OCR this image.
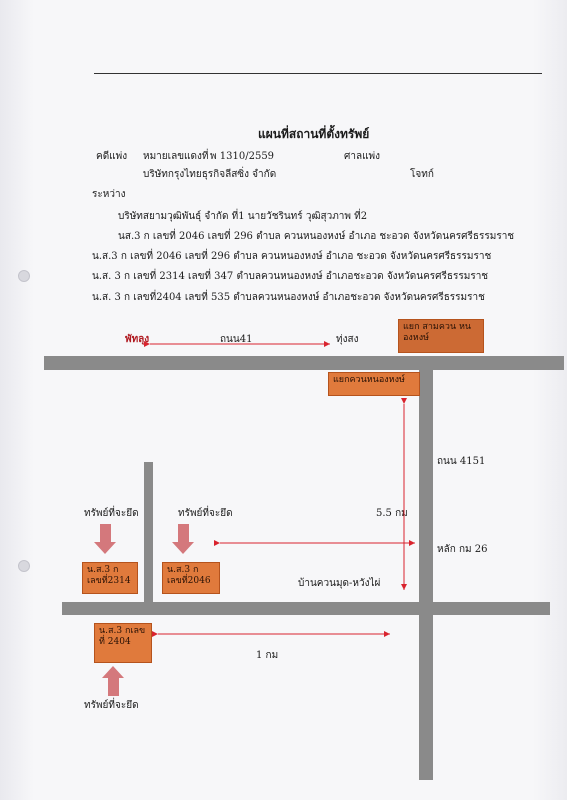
แผนที่สถานที่ตั้งทรัพย์
คดีแพ่ง หมายเลขแดงที่ พ 1310/2559	ศาลแพ่ง
บริษัทกรุงไทยธุรกิจลีสซิ่ง จำกัด	โจทก์
ระหว่าง
บริษัทสยามวุฒิพันธุ์ จำกัด ที่1 นายวัชรินทร์ วุฒิสุวภาพ ที่2
นส.3 ก เลขที่ 2046 เลขที่ 296 ตำบล ควนหนองหงษ์ อำเภอ ชะอวด จังหวัดนครศรีธรรมราช
น.ส.3 ก เลขที่ 2046 เลขที่ 296 ตำบล ควนหนองหงษ์ อำเภอ ชะอวด จังหวัดนครศรีธรรมราช
น.ส. 3 ก เลขที่ 2314 เลขที่ 347 ตำบลควนหนองหงษ์ อำเภอชะอวด จังหวัดนครศรีธรรมราช
น.ส. 3 ก เลขที่2404 เลขที่ 535 ตำบลควนหนองหงษ์ อำเภอชะอวด จังหวัดนครศรีธรรมราช
พัทลุง	ถนน41	ทุ่งสง
แยก สามควน หนองหงษ์
แยกควนหนองหงษ์
ถนน 4151
5.5 กม
หลัก กม 26
ทรัพย์ที่จะยึด	ทรัพย์ที่จะยึด
ทรัพย์ที่จะยึด
น.ส.3 ก เลขที่2314
น.ส.3 ก เลขที่2046
น.ส.3 กเลขที่ 2404
บ้านควนมุด-หวังไผ่
1 กม
